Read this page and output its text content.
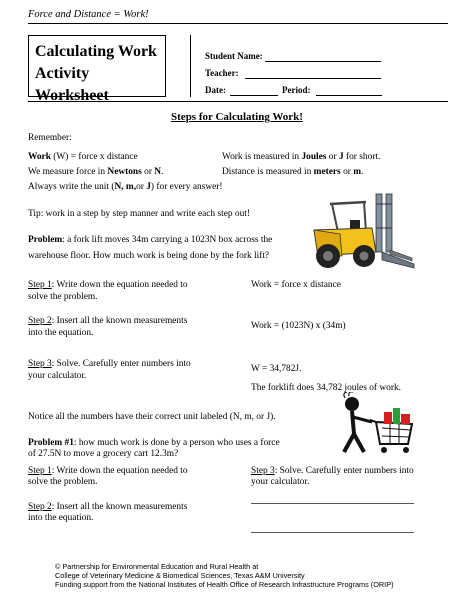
Force and Distance = Work!
Calculating Work
Activity Worksheet
Student Name:
Teacher:
Date:	Period:
Steps for Calculating Work!
Remember:
Work (W) = force x distance	Work is measured in Joules or J for short.
We measure force in Newtons or N.	Distance is measured in meters or m.
Always write the unit (N, m,or J) for every answer!
Tip: work in a step by step manner and write each step out!
Problem: a fork lift moves 34m carrying a 1023N box across the
warehouse floor. How much work is being done by the fork lift?
Step 1: Write down the equation needed to
solve the problem.
Work = force x distance
Step 2: Insert all the known measurements
into the equation.
Work = (1023N) x (34m)
Step 3: Solve. Carefully enter numbers into
your calculator.
W = 34,782J.
The forklift does 34,782 joules of work.
Notice all the numbers have their correct unit labeled (N, m, or J).
Problem #1: how much work is done by a person who uses a force
of 27.5N to move a grocery cart 12.3m?
Step 1: Write down the equation needed to
solve the problem.
Step 3: Solve. Carefully enter numbers into
your calculator.
Step 2: Insert all the known measurements
into the equation.
© Partnership for Environmental Education and Rural Health at
College of Veterinary Medicine & Biomedical Sciences, Texas A&M University
Funding support from the National Institutes of Health Office of Research Infrastructure Programs (ORIP)
